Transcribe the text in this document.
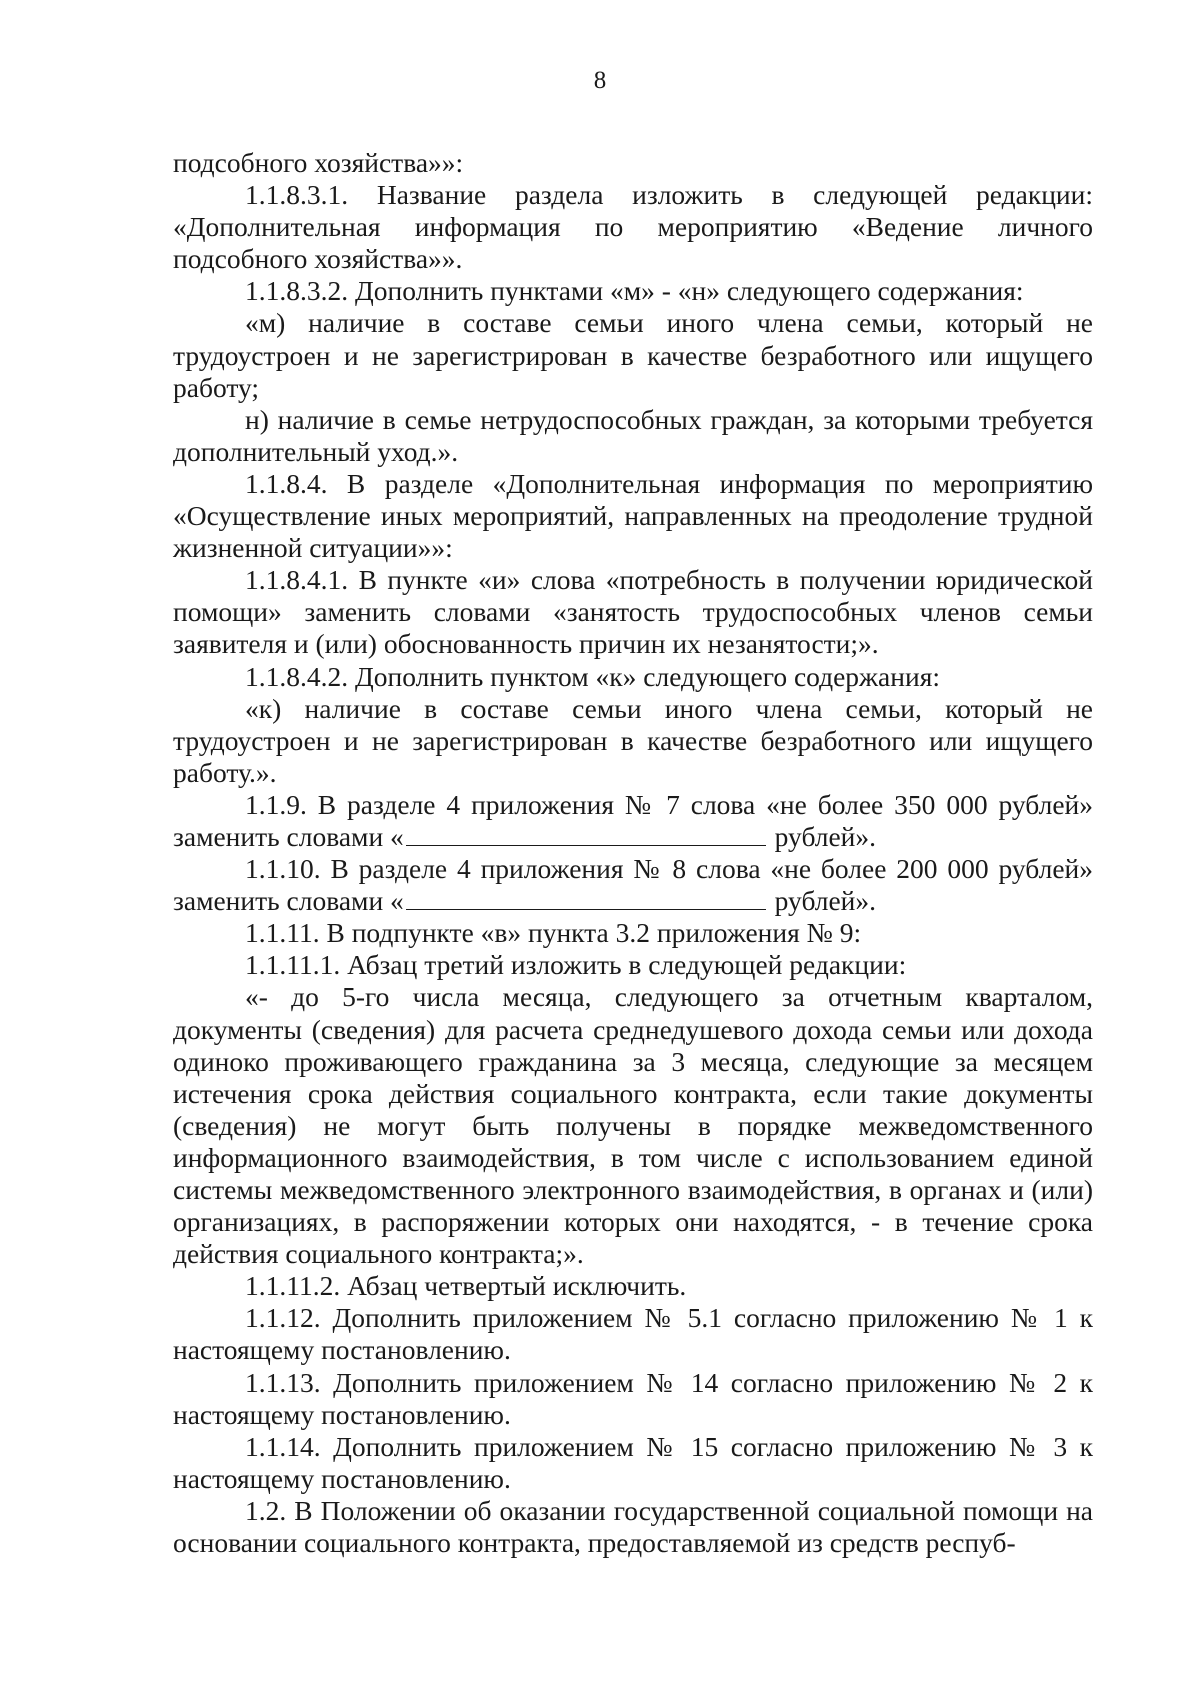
8

подсобного хозяйства»»:

1.1.8.3.1. Название раздела изложить в следующей редакции: «Дополнительная информация по мероприятию «Ведение личного подсобного хозяйства»».

1.1.8.3.2. Дополнить пунктами «м» - «н» следующего содержания:

«м) наличие в составе семьи иного члена семьи, который не трудоустроен и не зарегистрирован в качестве безработного или ищущего работу;

н) наличие в семье нетрудоспособных граждан, за которыми требуется дополнительный уход.».

1.1.8.4. В разделе «Дополнительная информация по мероприятию «Осуществление иных мероприятий, направленных на преодоление трудной жизненной ситуации»»:

1.1.8.4.1. В пункте «и» слова «потребность в получении юридической помощи» заменить словами «занятость трудоспособных членов семьи заявителя и (или) обоснованность причин их незанятости;».

1.1.8.4.2. Дополнить пунктом «к» следующего содержания:

«к) наличие в составе семьи иного члена семьи, который не трудоустроен и не зарегистрирован в качестве безработного или ищущего работу.».

1.1.9. В разделе 4 приложения № 7 слова «не более 350 000 рублей» заменить словами «	рублей».

1.1.10. В разделе 4 приложения № 8 слова «не более 200 000 рублей» заменить словами «	рублей».

1.1.11. В подпункте «в» пункта 3.2 приложения № 9:

1.1.11.1. Абзац третий изложить в следующей редакции:

«- до 5-го числа месяца, следующего за отчетным кварталом, документы (сведения) для расчета среднедушевого дохода семьи или дохода одиноко проживающего гражданина за 3 месяца, следующие за месяцем истечения срока действия социального контракта, если такие документы (сведения) не могут быть получены в порядке межведомственного информационного взаимодействия, в том числе с использованием единой системы межведомственного электронного взаимодействия, в органах и (или) организациях, в распоряжении которых они находятся, - в течение срока действия социального контракта;».

1.1.11.2. Абзац четвертый исключить.

1.1.12. Дополнить приложением № 5.1 согласно приложению № 1 к настоящему постановлению.

1.1.13. Дополнить приложением № 14 согласно приложению № 2 к настоящему постановлению.

1.1.14. Дополнить приложением № 15 согласно приложению № 3 к настоящему постановлению.

1.2. В Положении об оказании государственной социальной помощи на основании социального контракта, предоставляемой из средств респуб-
